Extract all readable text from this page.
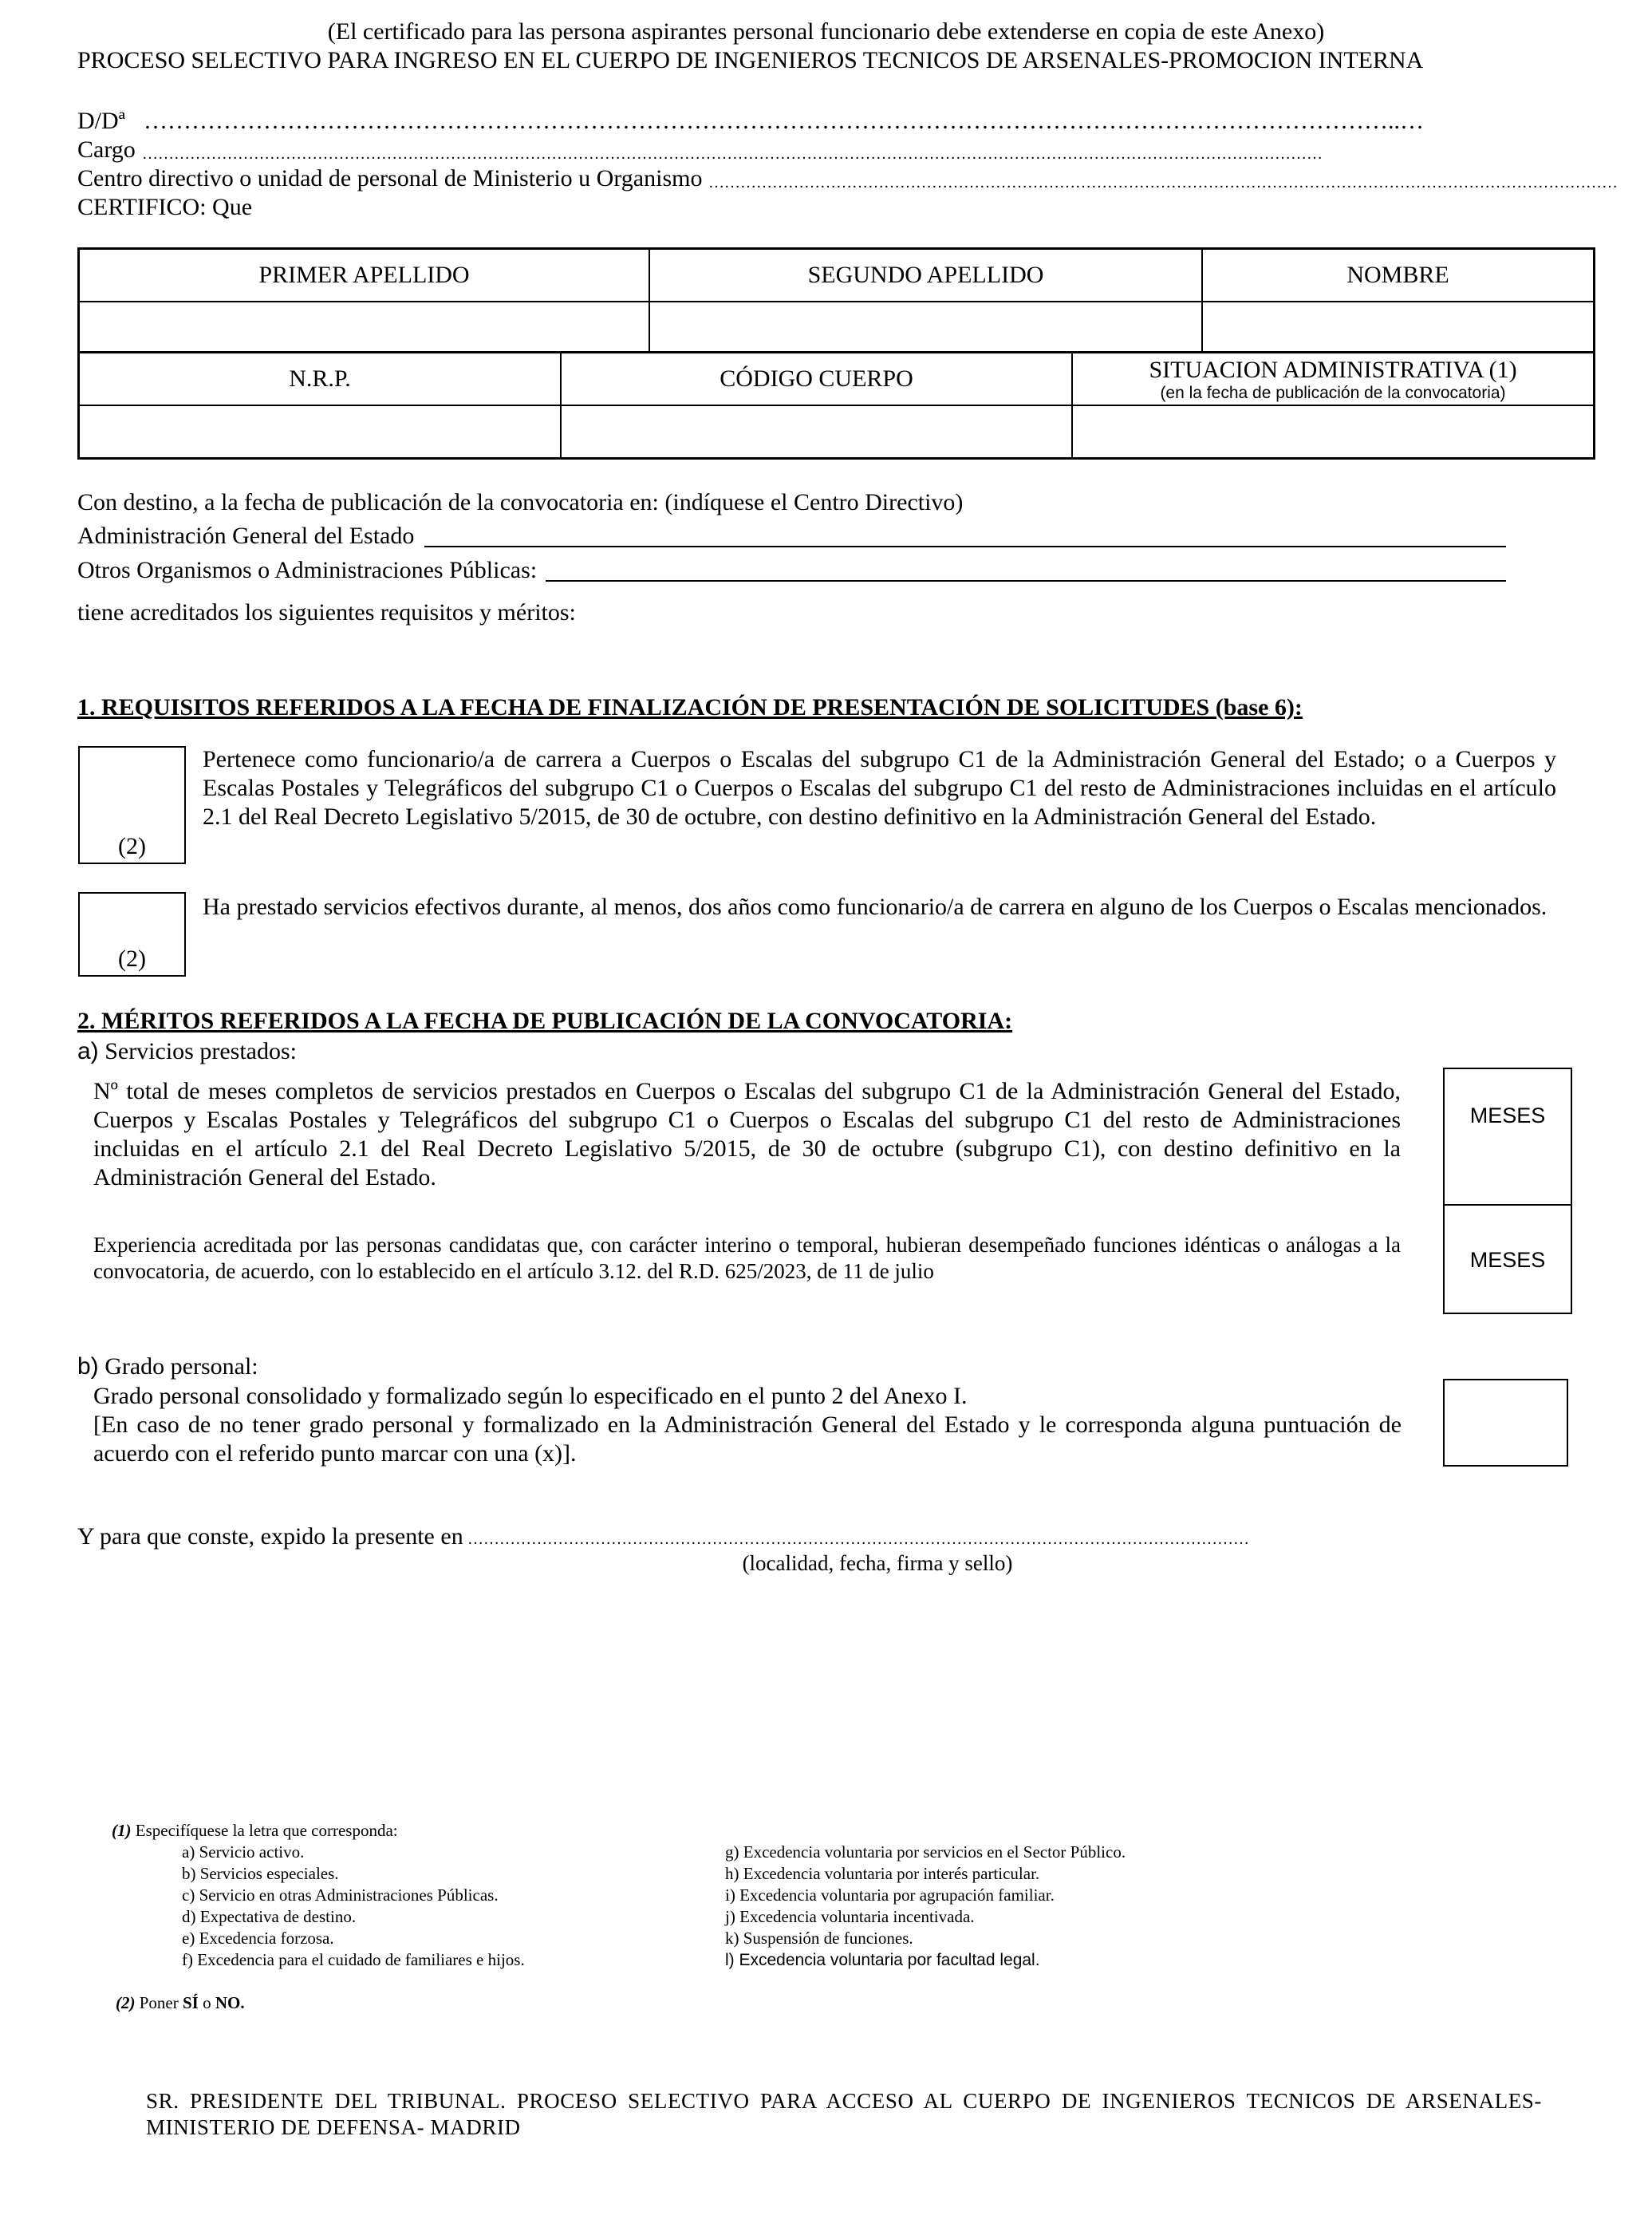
(El certificado para las persona aspirantes personal funcionario debe extenderse en copia de este Anexo)
PROCESO SELECTIVO PARA INGRESO EN EL CUERPO DE INGENIEROS TECNICOS DE ARSENALES-PROMOCION INTERNA
D/Dª …………………………………………………………………………………………………………………………………………..…
Cargo ……………………………………………………………………………………………………………………………………………………………………………………………………
Centro directivo o unidad de personal de Ministerio u Organismo ………………………………………………………………………………………………………………………………………………………
CERTIFICO: Que
PRIMER APELLIDO	SEGUNDO APELLIDO	NOMBRE

N.R.P.	CÓDIGO CUERPO	SITUACION ADMINISTRATIVA (1)
(en la fecha de publicación de la convocatoria)

Con destino, a la fecha de publicación de la convocatoria en: (indíquese el Centro Directivo)
Administración General del Estado
Otros Organismos o Administraciones Públicas:
tiene acreditados los siguientes requisitos y méritos:
1. REQUISITOS REFERIDOS A LA FECHA DE FINALIZACIÓN DE PRESENTACIÓN DE SOLICITUDES (base 6):
(2)
Pertenece como funcionario/a de carrera a Cuerpos o Escalas del subgrupo C1 de la Administración General del Estado; o a Cuerpos y Escalas Postales y Telegráficos del subgrupo C1 o Cuerpos o Escalas del subgrupo C1 del resto de Administraciones incluidas en el artículo 2.1 del Real Decreto Legislativo 5/2015, de 30 de octubre, con destino definitivo en la Administración General del Estado.
(2)
Ha prestado servicios efectivos durante, al menos, dos años como funcionario/a de carrera en alguno de los Cuerpos o Escalas mencionados.
2. MÉRITOS REFERIDOS A LA FECHA DE PUBLICACIÓN DE LA CONVOCATORIA:
a) Servicios prestados:
Nº total de meses completos de servicios prestados en Cuerpos o Escalas del subgrupo C1 de la Administración General del Estado, Cuerpos y Escalas Postales y Telegráficos del subgrupo C1 o Cuerpos o Escalas del subgrupo C1 del resto de Administraciones incluidas en el artículo 2.1 del Real Decreto Legislativo 5/2015, de 30 de octubre (subgrupo C1), con destino definitivo en la Administración General del Estado.
Experiencia acreditada por las personas candidatas que, con carácter interino o temporal, hubieran desempeñado funciones idénticas o análogas a la convocatoria, de acuerdo, con lo establecido en el artículo 3.12. del R.D. 625/2023, de 11 de julio
MESES
MESES
b) Grado personal:
Grado personal consolidado y formalizado según lo especificado en el punto 2 del Anexo I.
[En caso de no tener grado personal y formalizado en la Administración General del Estado y le corresponda alguna puntuación de acuerdo con el referido punto marcar con una (x)].
Y para que conste, expido la presente en …………………………………………………………………………………………………………………………………
(localidad, fecha, firma y sello)
(1) Especifíquese la letra que corresponda:
a) Servicio activo.
b) Servicios especiales.
c) Servicio en otras Administraciones Públicas.
d) Expectativa de destino.
e) Excedencia forzosa.
f) Excedencia para el cuidado de familiares e hijos.
g) Excedencia voluntaria por servicios en el Sector Público.
h) Excedencia voluntaria por interés particular.
i) Excedencia voluntaria por agrupación familiar.
j) Excedencia voluntaria incentivada.
k) Suspensión de funciones.
l) Excedencia voluntaria por facultad legal.
(2) Poner SÍ o NO.
SR. PRESIDENTE DEL TRIBUNAL. PROCESO SELECTIVO PARA ACCESO AL CUERPO DE INGENIEROS TECNICOS DE ARSENALES- MINISTERIO DE DEFENSA- MADRID
